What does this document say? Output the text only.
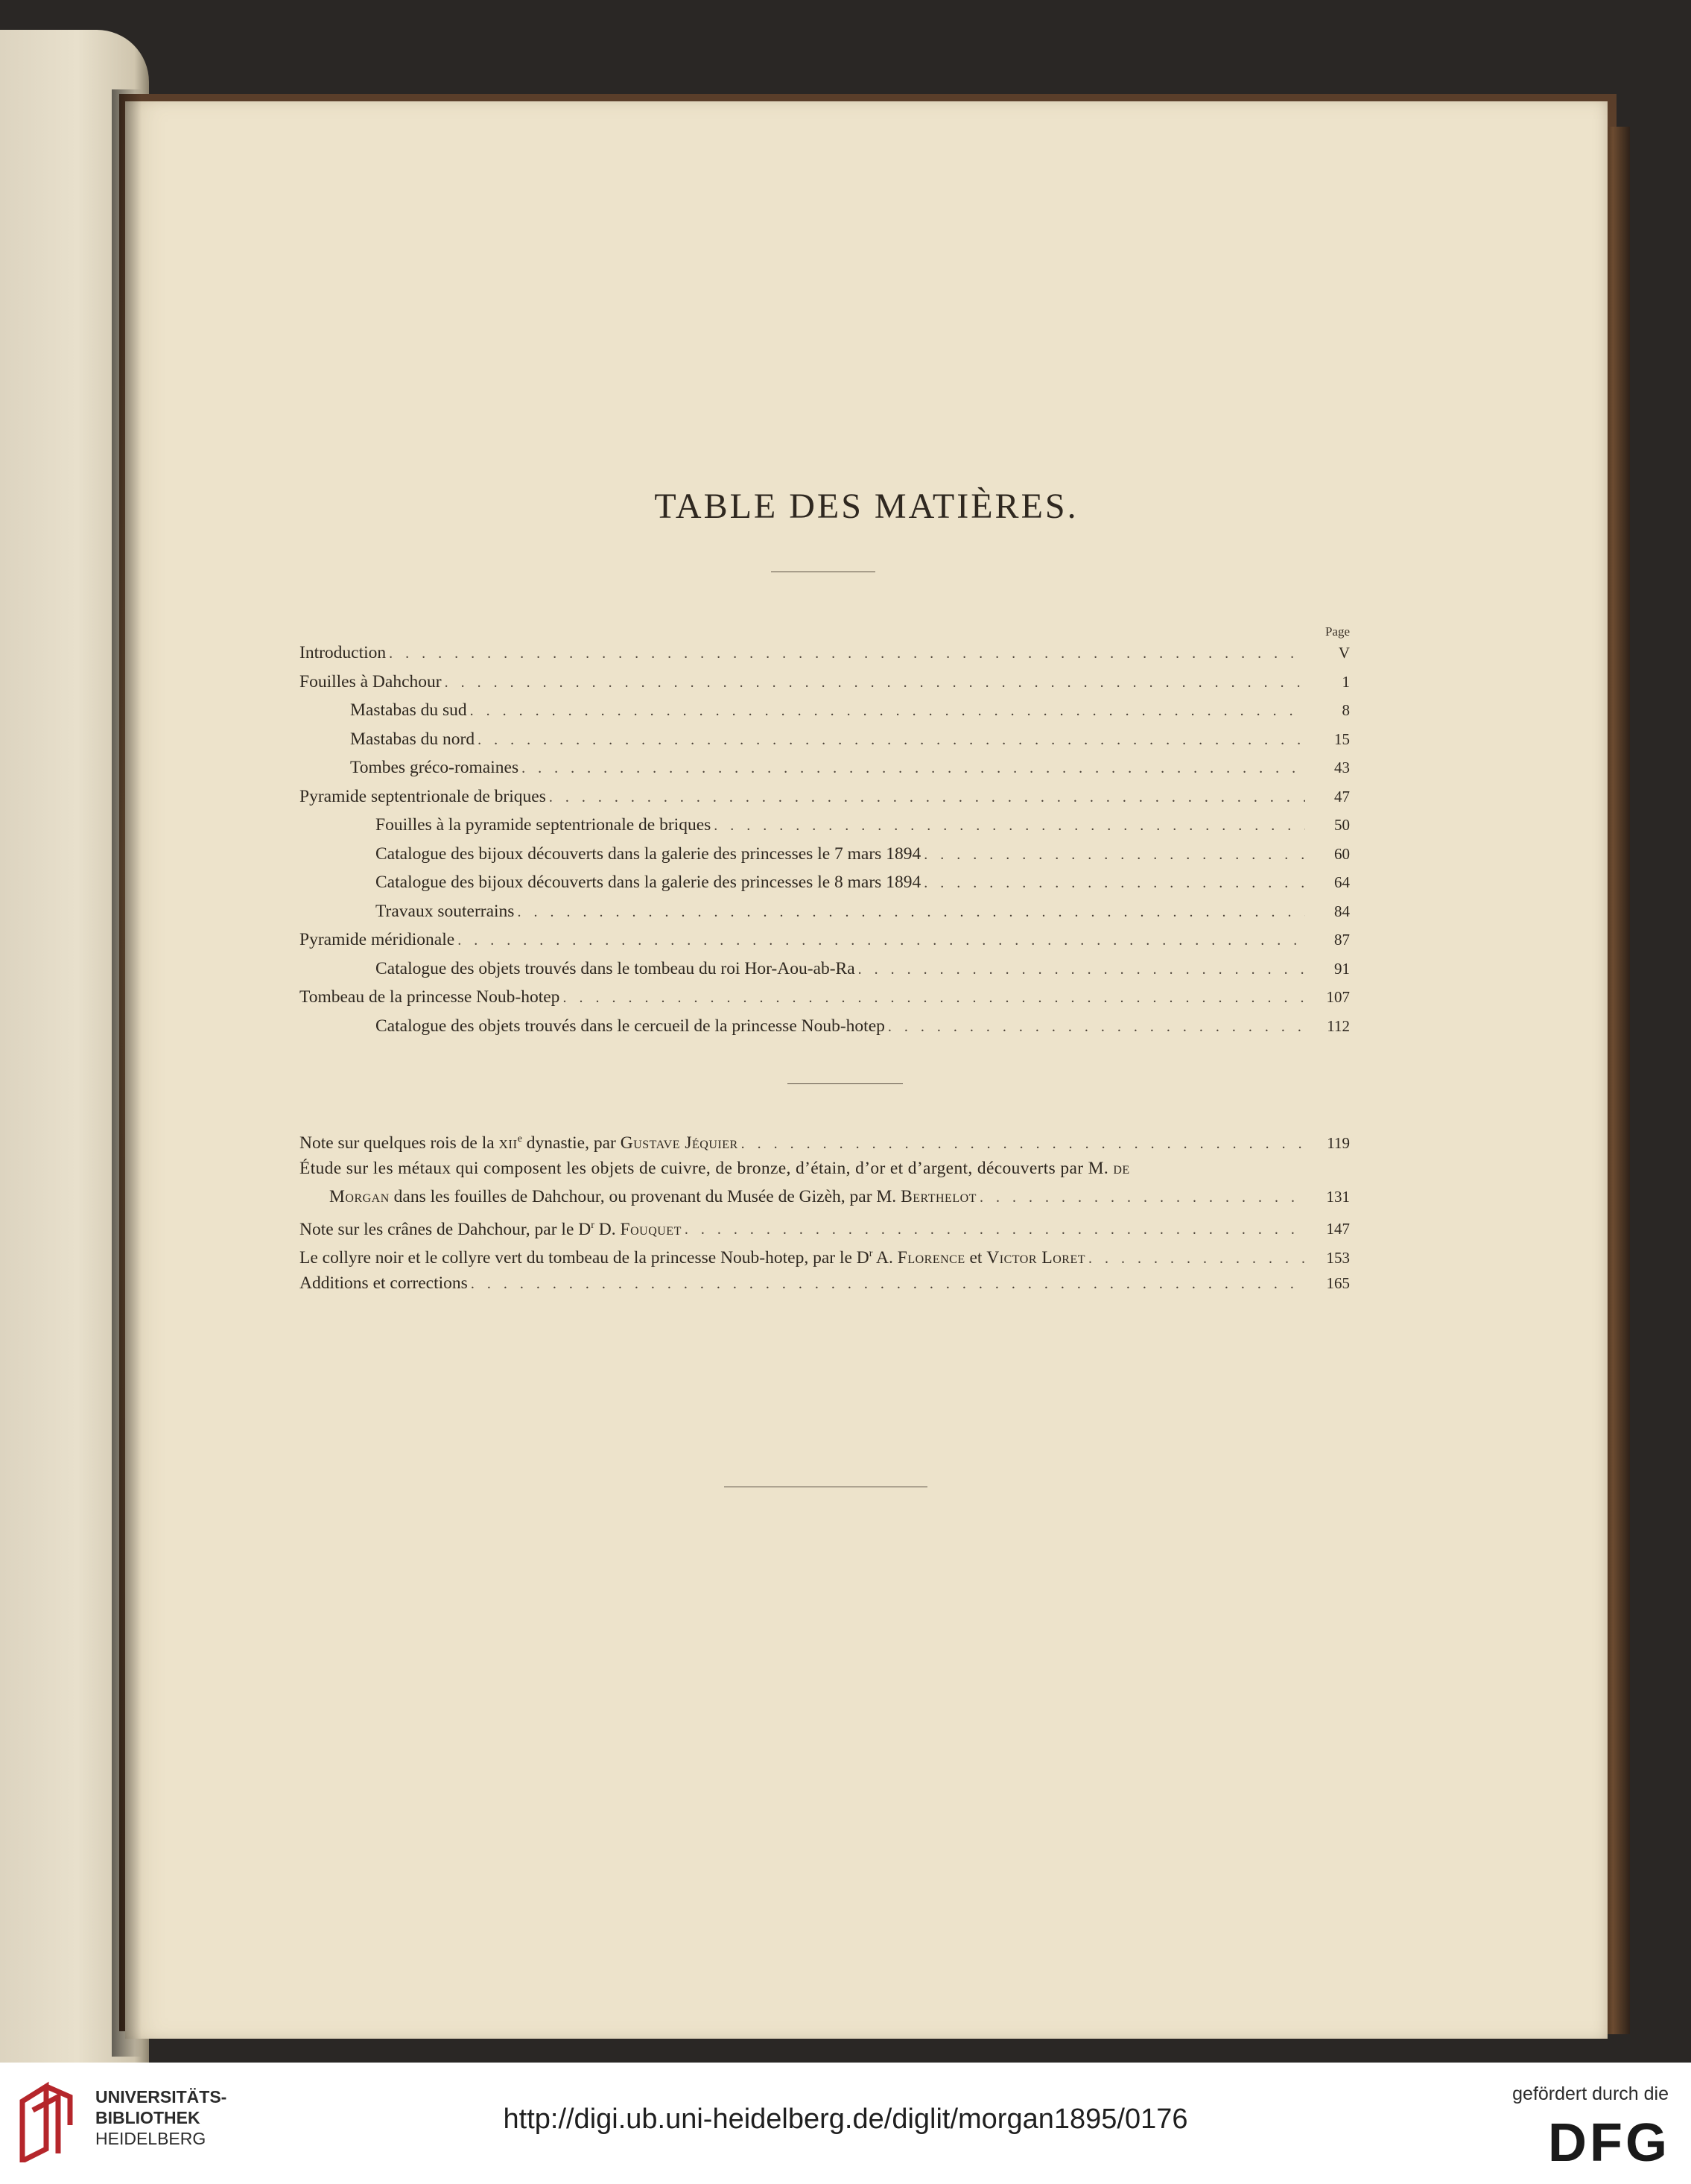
TABLE DES MATIÈRES.
Page
Introduction . . .	V
Fouilles à Dahchour . . .	1
Mastabas du sud . . .	8
Mastabas du nord . . .	15
Tombes gréco-romaines . . .	43
Pyramide septentrionale de briques . . .	47
Fouilles à la pyramide septentrionale de briques . . .	50
Catalogue des bijoux découverts dans la galerie des princesses le 7 mars 1894 . . .	60
Catalogue des bijoux découverts dans la galerie des princesses le 8 mars 1894 . . .	64
Travaux souterrains . . .	84
Pyramide méridionale . . .	87
Catalogue des objets trouvés dans le tombeau du roi Hor-Aou-ab-Ra . . .	91
Tombeau de la princesse Noub-hotep . . .	107
Catalogue des objets trouvés dans le cercueil de la princesse Noub-hotep . . .	112
Note sur quelques rois de la XIIe dynastie, par Gustave Jéquier . . .	119
Étude sur les métaux qui composent les objets de cuivre, de bronze, d’étain, d’or et d’argent, découverts par M. de
Morgan dans les fouilles de Dahchour, ou provenant du Musée de Gizèh, par M. Berthelot . . .	131
Note sur les crânes de Dahchour, par le $D^r$ D. Fouquet . . .	147
Le collyre noir et le collyre vert du tombeau de la princesse Noub-hotep, par le $D^r$ A. Florence et Victor Loret . . .	153
Additions et corrections . . .	165
UNIVERSITÄTS-
BIBLIOTHEK
HEIDELBERG
http://digi.ub.uni-heidelberg.de/diglit/morgan1895/0176
gefördert durch die
DFG
